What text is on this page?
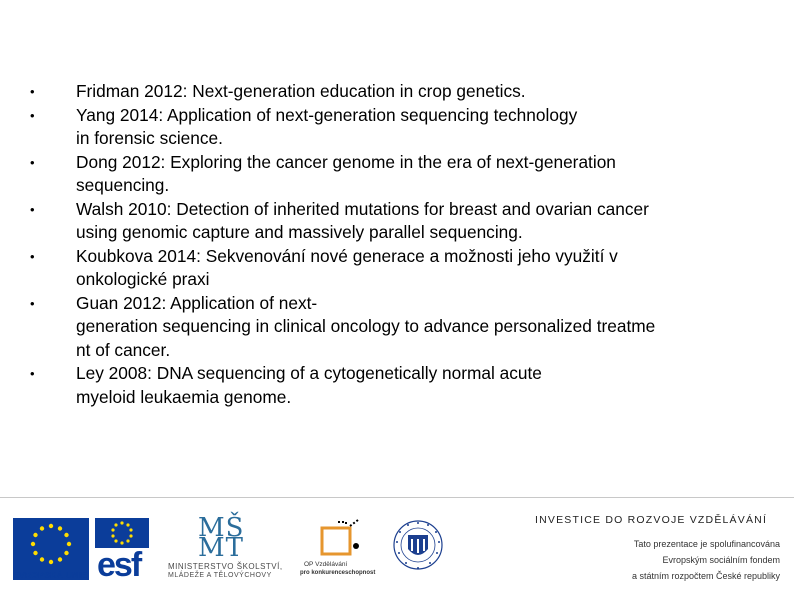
•	Fridman 2012: Next-generation education in crop genetics.
•	Yang 2014: Application of next-generation sequencing technology
in forensic science.
•	Dong 2012: Exploring the cancer genome in the era of next-generation
sequencing.
•	Walsh 2010: Detection of inherited mutations for breast and ovarian cancer
using genomic capture and massively parallel sequencing.
•	Koubkova 2014: Sekvenování nové generace a možnosti jeho využití v
onkologické praxi
•	Guan 2012: Application of next-
generation sequencing in clinical oncology to advance personalized treatme
nt of cancer.
•	Ley 2008: DNA sequencing of a cytogenetically normal acute
myeloid leukaemia genome.
EVROPSKÁ UNIE esf
MŠ
MT
MINISTERSTVO ŠKOLSTVÍ,
MLÁDEŽE A TĚLOVÝCHOVY
OP Vzdělávání
pro konkurenceschopnost
INVESTICE DO ROZVOJE VZDĚLÁVÁNÍ
Tato prezentace je spolufinancována
Evropským sociálním fondem
a státním rozpočtem České republiky
